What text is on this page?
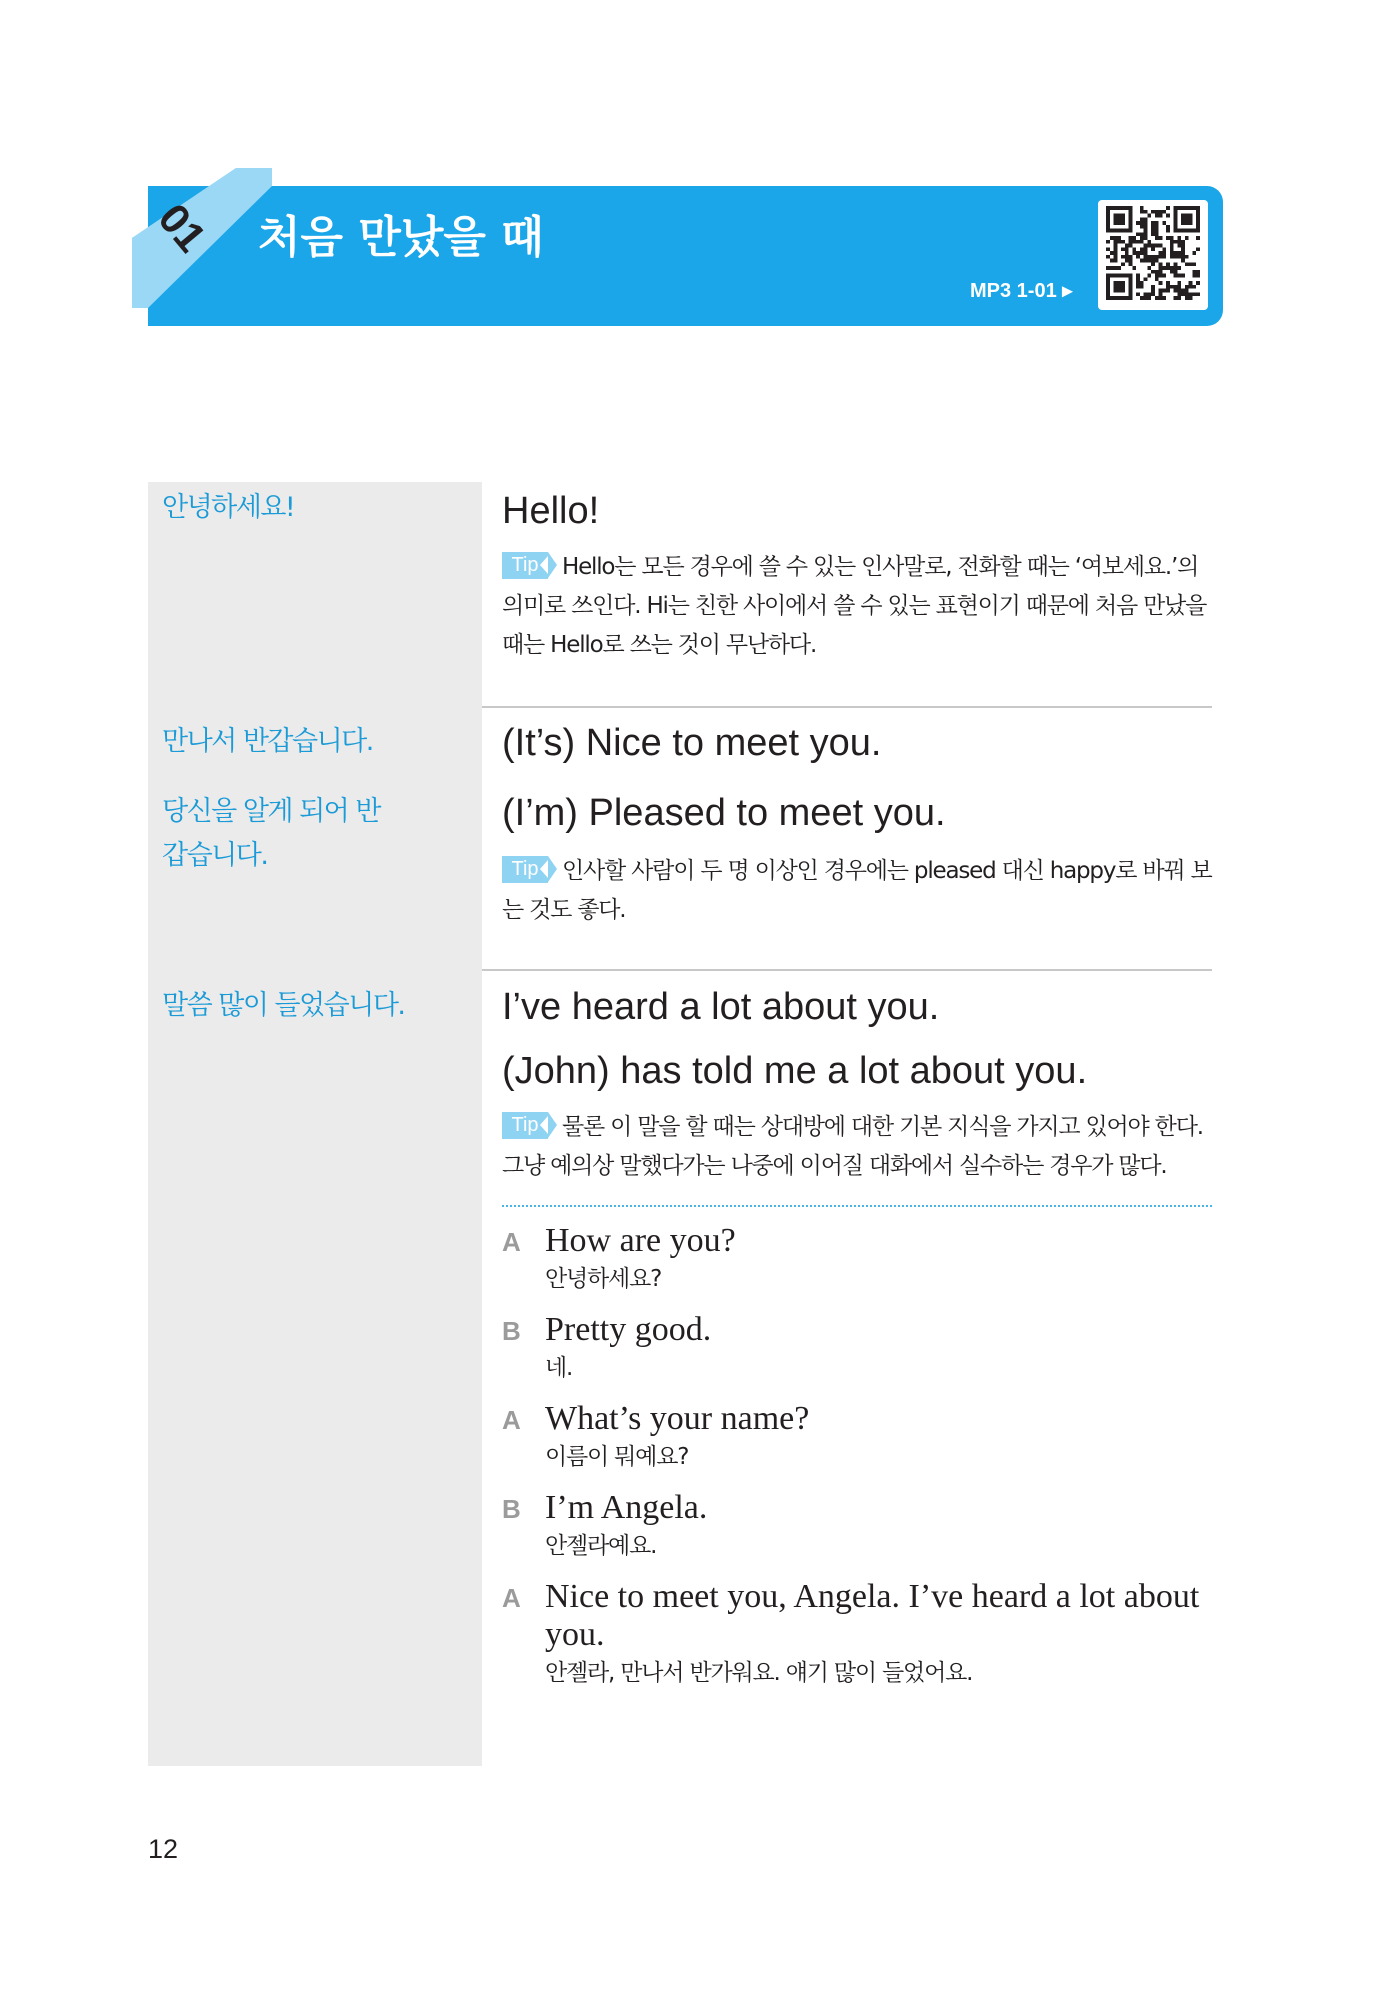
01 처음 만났을 때
MP3 1-01 ▸
안녕하세요!	Hello!
Tip Hello는 모든 경우에 쓸 수 있는 인사말로, 전화할 때는 ‘여보세요.’의 의미로 쓰인다. Hi는 친한 사이에서 쓸 수 있는 표현이기 때문에 처음 만났을 때는 Hello로 쓰는 것이 무난하다.
만나서 반갑습니다.
당신을 알게 되어 반갑습니다.
(It’s) Nice to meet you.
(I’m) Pleased to meet you.
Tip 인사할 사람이 두 명 이상인 경우에는 pleased 대신 happy로 바꿔 보는 것도 좋다.
말씀 많이 들었습니다.	I’ve heard a lot about you.
(John) has told me a lot about you.
Tip 물론 이 말을 할 때는 상대방에 대한 기본 지식을 가지고 있어야 한다. 그냥 예의상 말했다가는 나중에 이어질 대화에서 실수하는 경우가 많다.
A How are you?
안녕하세요?
B Pretty good.
네.
A What’s your name?
이름이 뭐예요?
B I’m Angela.
안젤라예요.
A Nice to meet you, Angela. I’ve heard a lot about you.
안젤라, 만나서 반가워요. 얘기 많이 들었어요.
12
